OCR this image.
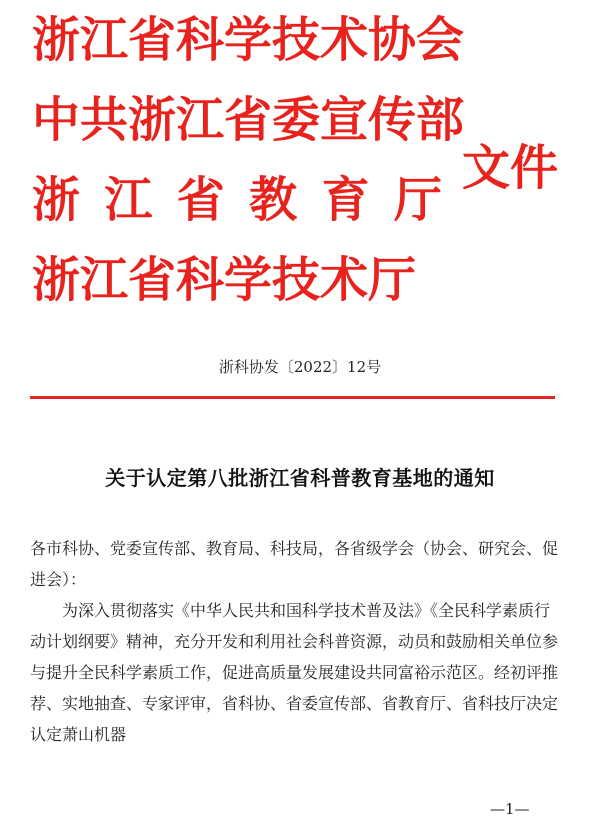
浙江省科学技术协会
中共浙江省委宣传部
浙 江 省 教 育 厅
浙江省科学技术厅
文件
浙科协发〔2022〕12号
关于认定第八批浙江省科普教育基地的通知

各市科协、党委宣传部、教育局、科技局，各省级学会（协会、研究会、促进会）：

为深入贯彻落实《中华人民共和国科学技术普及法》《全民科学素质行动计划纲要》精神，充分开发和利用社会科普资源，动员和鼓励相关单位参与提升全民科学素质工作，促进高质量发展建设共同富裕示范区。经初评推荐、实地抽查、专家评审，省科协、省委宣传部、省教育厅、省科技厅决定认定萧山机器

—1—
